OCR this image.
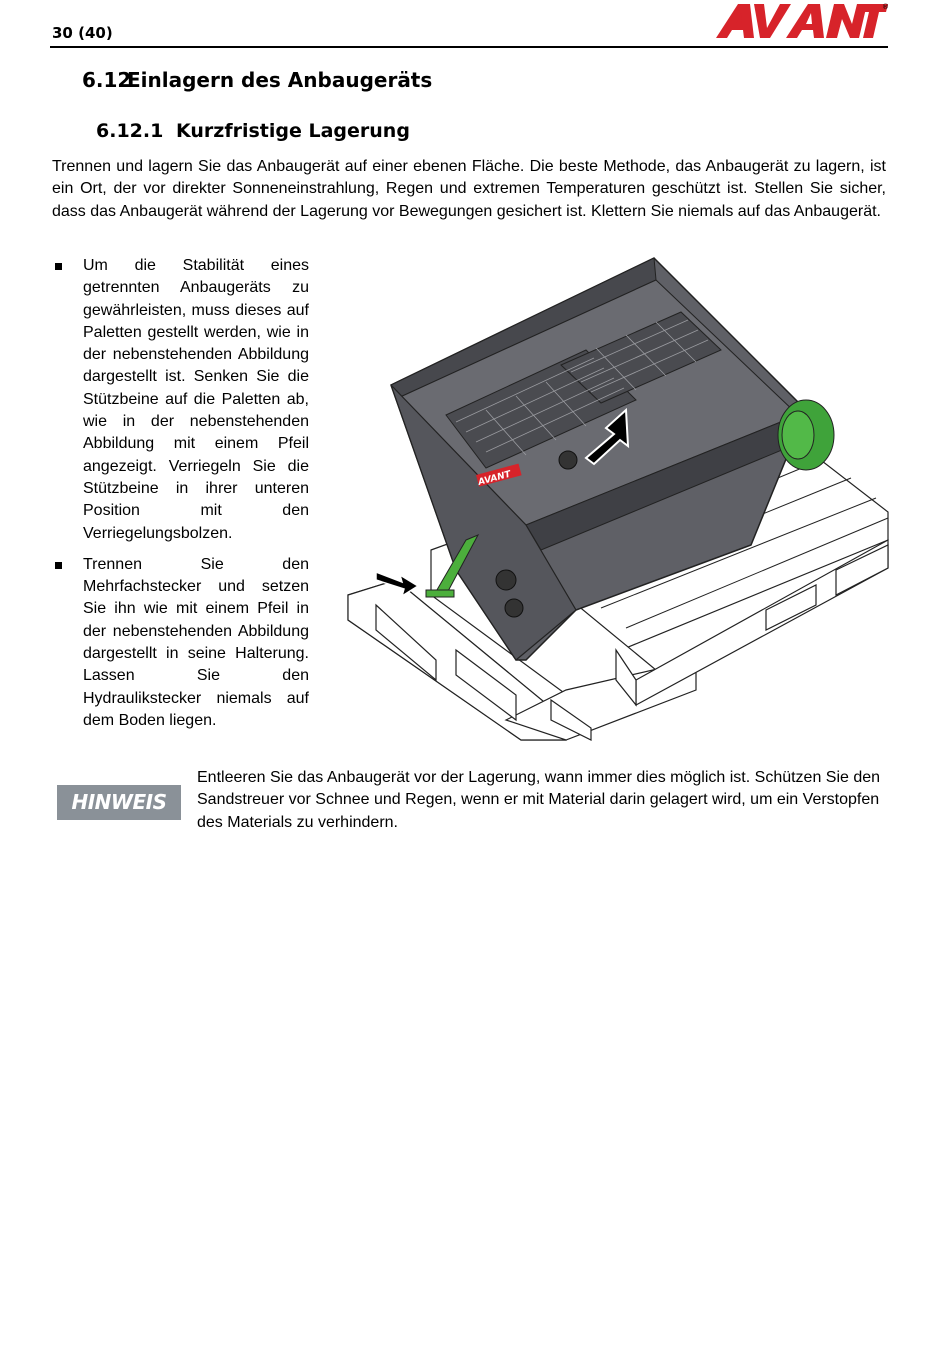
30 (40)
®
6.12Einlagern des Anbaugeräts
6.12.1 Kurzfristige Lagerung

Trennen und lagern Sie das Anbaugerät auf einer ebenen Fläche. Die beste Methode, das Anbaugerät zu lagern, ist ein Ort, der vor direkter Sonneneinstrahlung, Regen und extremen Temperaturen geschützt ist. Stellen Sie sicher, dass das Anbaugerät während der Lagerung vor Bewegungen gesichert ist. Klettern Sie niemals auf das Anbaugerät.

Um die Stabilität eines getrennten Anbaugeräts zu gewährleisten, muss dieses auf Paletten gestellt werden, wie in der nebenstehenden Abbildung dargestellt ist. Senken Sie die Stützbeine auf die Paletten ab, wie in der nebenstehenden Abbildung mit einem Pfeil angezeigt. Verriegeln Sie die Stützbeine in ihrer unteren Position mit den Verriegelungsbolzen.
Trennen Sie den Mehrfachstecker und setzen Sie ihn wie mit einem Pfeil in der nebenstehenden Abbildung dargestellt in seine Halterung. Lassen Sie den Hydraulikstecker niemals auf dem Boden liegen.
AVANT
HINWEIS

Entleeren Sie das Anbaugerät vor der Lagerung, wann immer dies möglich ist. Schützen Sie den Sandstreuer vor Schnee und Regen, wenn er mit Material darin gelagert wird, um ein Verstopfen des Materials zu verhindern.
